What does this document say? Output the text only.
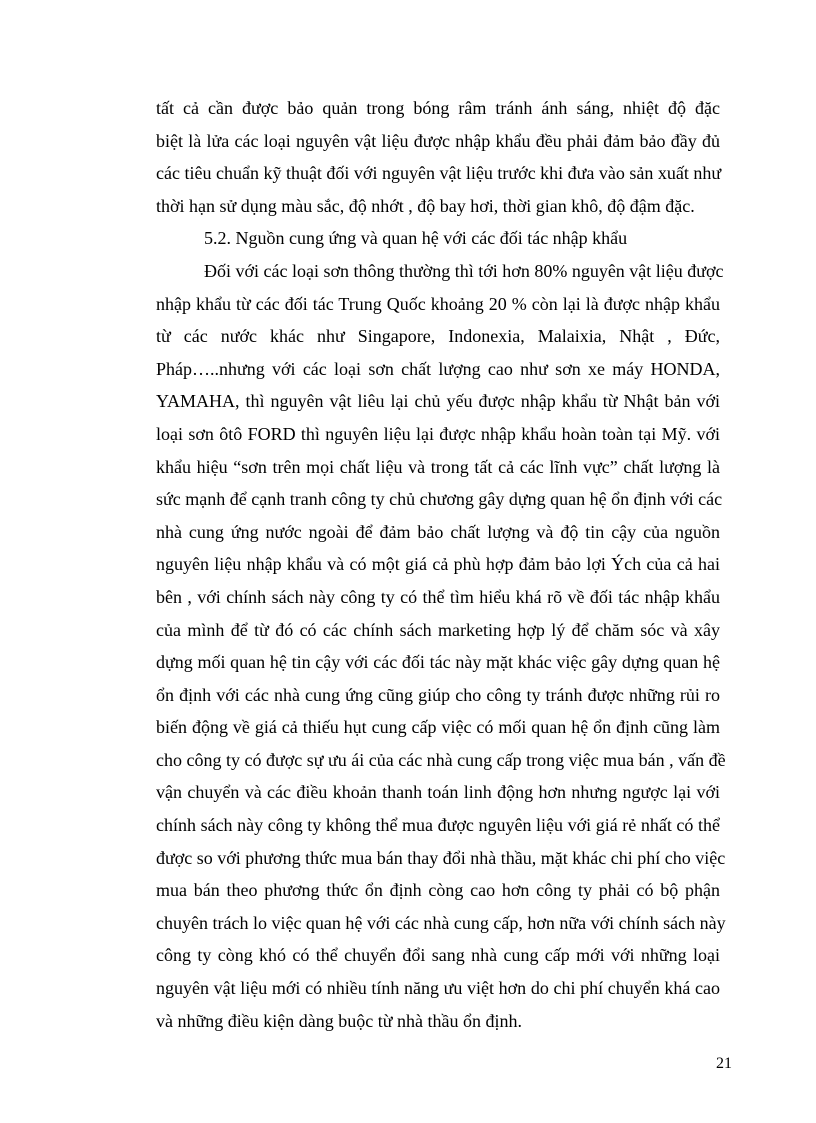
tất cả cần được bảo quản trong bóng râm tránh ánh sáng, nhiệt độ đặc
biệt là lửa các loại nguyên vật liệu được nhập khẩu đều phải đảm bảo đầy đủ
các tiêu chuẩn kỹ thuật đối với nguyên vật liệu trước khi đưa vào sản xuất như
thời hạn sử dụng màu sắc, độ nhớt , độ bay hơi, thời gian khô, độ đậm đặc.
5.2. Nguồn cung ứng và quan hệ với các đối tác nhập khẩu
Đối với các loại sơn thông thường thì tới hơn 80% nguyên vật liệu được
nhập khẩu từ các đối tác Trung Quốc khoảng 20 % còn lại là được nhập khẩu
từ các nước khác như Singapore, Indonexia, Malaixia, Nhật , Đức,
Pháp…..nhưng với các loại sơn chất lượng cao như sơn xe máy HONDA,
YAMAHA, thì nguyên vật liêu lại chủ yếu được nhập khẩu từ Nhật bản với
loại sơn ôtô FORD thì nguyên liệu lại được nhập khẩu hoàn toàn tại Mỹ. với
khẩu hiệu “sơn trên mọi chất liệu và trong tất cả các lĩnh vực” chất lượng là
sức mạnh để cạnh tranh công ty chủ chương gây dựng quan hệ ổn định với các
nhà cung ứng nước ngoài để đảm bảo chất lượng và độ tin cậy của nguồn
nguyên liệu nhập khẩu và có một giá cả phù hợp đảm bảo lợi Ých của cả hai
bên , với chính sách này công ty có thể tìm hiểu khá rõ về đối tác nhập khẩu
của mình để từ đó có các chính sách marketing hợp lý để chăm sóc và xây
dựng mối quan hệ tin cậy với các đối tác này mặt khác việc gây dựng quan hệ
ổn định với các nhà cung ứng cũng giúp cho công ty tránh được những rủi ro
biến động về giá cả thiếu hụt cung cấp việc có mối quan hệ ổn định cũng làm
cho công ty có được sự ưu ái của các nhà cung cấp trong việc mua bán , vấn đề
vận chuyển và các điều khoản thanh toán linh động hơn nhưng ngược lại với
chính sách này công ty không thể mua được nguyên liệu với giá rẻ nhất có thể
được so với phương thức mua bán thay đổi nhà thầu, mặt khác chi phí cho việc
mua bán theo phương thức ổn định còng cao hơn công ty phải có bộ phận
chuyên trách lo việc quan hệ với các nhà cung cấp, hơn nữa với chính sách này
công ty còng khó có thể chuyển đổi sang nhà cung cấp mới với những loại
nguyên vật liệu mới có nhiều tính năng ưu việt hơn do chi phí chuyển khá cao
và những điều kiện dàng buộc từ nhà thầu ổn định.
21
